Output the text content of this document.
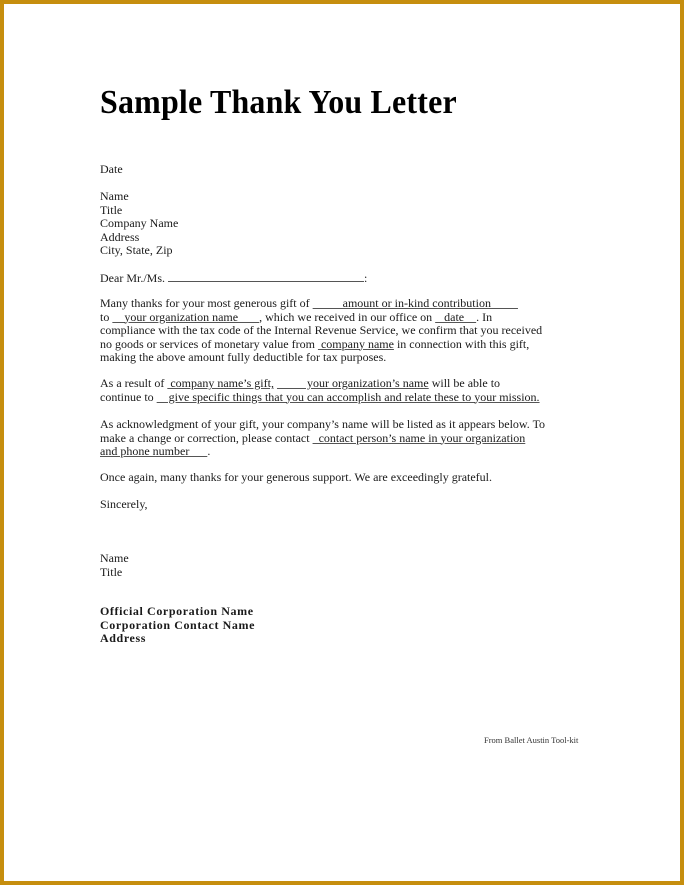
Sample Thank You Letter
Date
Name
Title
Company Name
Address
City, State, Zip
Dear Mr./Ms.	:
Many thanks for your most generous gift of           amount or in-kind contribution
to     your organization name       , which we received in our office on    date    . In
compliance with the tax code of the Internal Revenue Service, we confirm that you received
no goods or services of monetary value from  company name in connection with this gift,
making the above amount fully deductible for tax purposes.
As a result of  company name’s gift,           your organization’s name will be able to
continue to     give specific things that you can accomplish and relate these to your mission.
As acknowledgment of your gift, your company’s name will be listed as it appears below. To
make a change or correction, please contact   contact person’s name in your organization
and phone number      .
Once again, many thanks for your generous support. We are exceedingly grateful.
Sincerely,
Name
Title
Official Corporation Name
Corporation Contact Name
Address
From Ballet Austin Tool-kit
